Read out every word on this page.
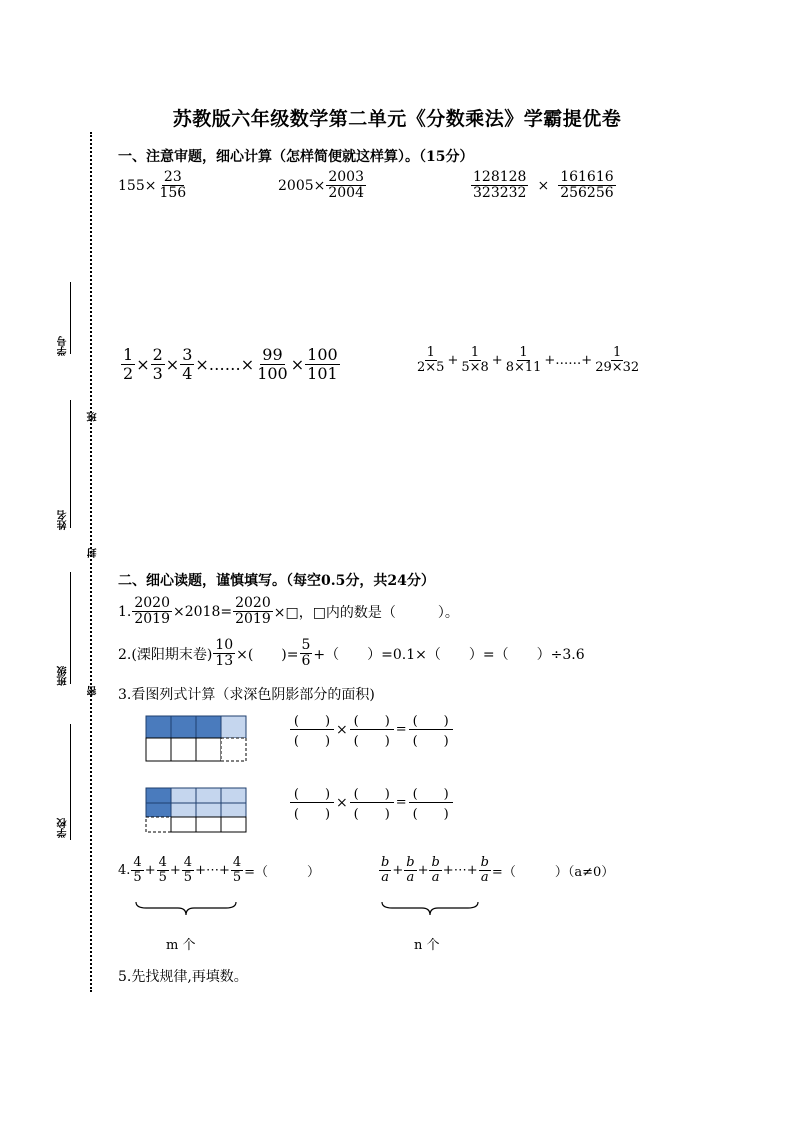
学号
班
姓名
封
班级
密
学校
苏教版六年级数学第二单元《分数乘法》学霸提优卷
一、注意审题，细心计算（怎样简便就这样算）。（15分）
$155\times \frac{23}{156}$	$2005\times \frac{2003}{2004}$	$\frac{128128}{323232} \times \frac{161616}{256256}$
$\frac{1}{2} \times \frac{2}{3} \times \frac{3}{4}$ ×……× $\frac{99}{100} \times \frac{100}{101}$	$\frac{1}{2\times 5} + \frac{1}{5\times 8} + \frac{1}{8\times 11}$ +……+ $\frac{1}{29\times 32}$
二、细心读题，谨慎填写。（每空0.5分，共24分）
1. $\frac{2020}{2019} \times 2018= \frac{2020}{2019}$ ×□，□内的数是（　　　）。
2.(溧阳期末卷) $\frac{10}{13}$ ×(　　)= $\frac{5}{6}$ +（　　）=0.1×（　　）=（　　）÷3.6
3.看图列式计算（求深色阴影部分的面积)
$\frac{( )}{( )} \times \frac{( )}{( )} = \frac{( )}{( )}$
$\frac{( )}{( )} \times \frac{( )}{( )} = \frac{( )}{( )}$
4. $\frac{4}{5} + \frac{4}{5} + \frac{4}{5}$ +⋯+ $\frac{4}{5}$ =（　　　）	$\frac{b}{a} + \frac{b}{a} + \frac{b}{a}$ +⋯+ $\frac{b}{a}$ =（　　　）（a≠0）
m 个	n 个
5.先找规律,再填数。
